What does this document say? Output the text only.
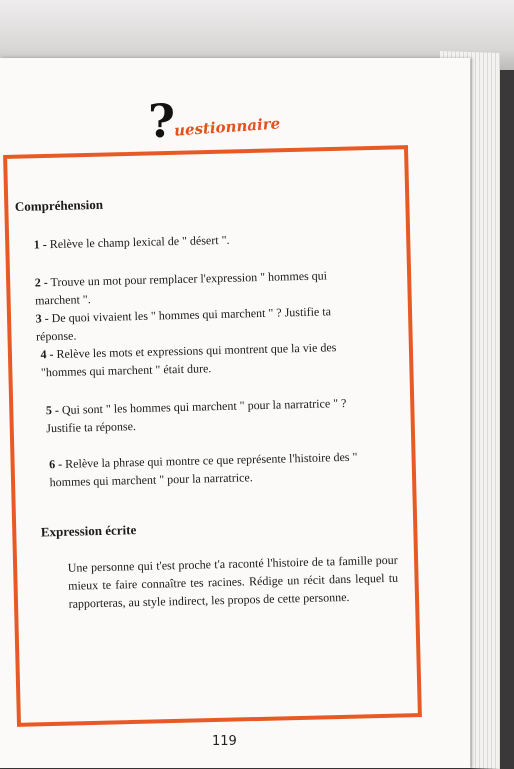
?
uestionnaire
Compréhension
1 - Relève le champ lexical de " désert ".
2 - Trouve un mot pour remplacer l'expression " hommes qui marchent ".
3 - De quoi vivaient les " hommes qui marchent " ? Justifie ta réponse.
4 - Relève les mots et expressions qui montrent que la vie des "hommes qui marchent " était dure.
5 - Qui sont " les hommes qui marchent " pour la narratrice " ? Justifie ta réponse.
6 - Relève la phrase qui montre ce que représente l'histoire des " hommes qui marchent " pour la narratrice.
Expression écrite
Une personne qui t'est proche t'a raconté l'histoire de ta famille pour mieux te faire connaître tes racines. Rédige un récit dans lequel tu rapporteras, au style indirect, les propos de cette personne.
119
